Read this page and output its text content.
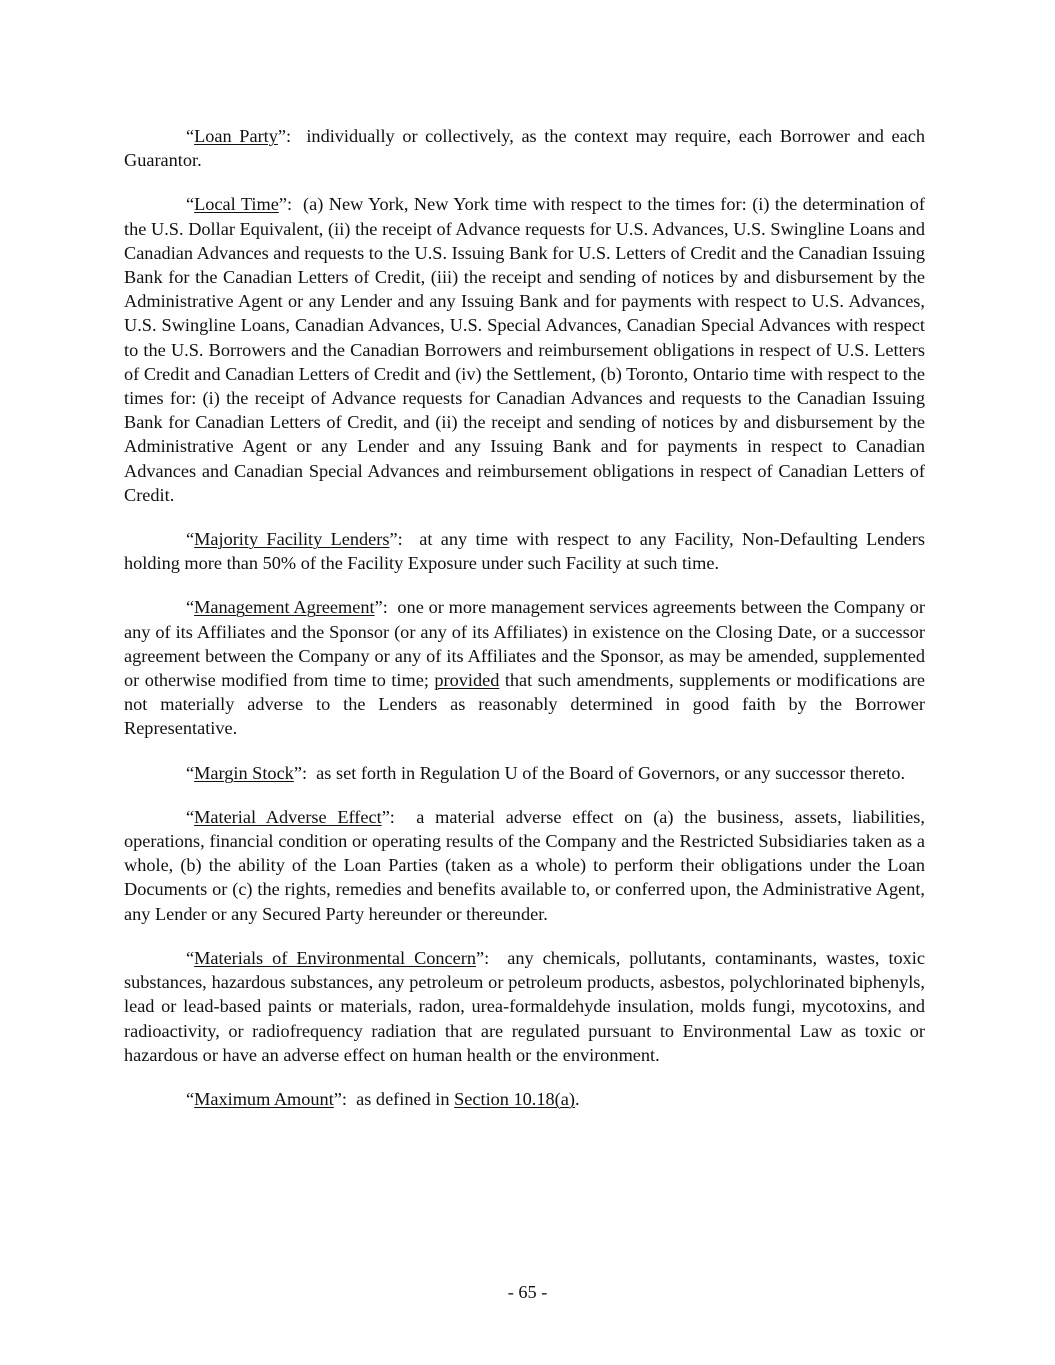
“Loan Party”:  individually or collectively, as the context may require, each Borrower and each Guarantor.

“Local Time”:  (a) New York, New York time with respect to the times for: (i) the determination of the U.S. Dollar Equivalent, (ii) the receipt of Advance requests for U.S. Advances, U.S. Swingline Loans and Canadian Advances and requests to the U.S. Issuing Bank for U.S. Letters of Credit and the Canadian Issuing Bank for the Canadian Letters of Credit, (iii) the receipt and sending of notices by and disbursement by the Administrative Agent or any Lender and any Issuing Bank and for payments with respect to U.S. Advances, U.S. Swingline Loans, Canadian Advances, U.S. Special Advances, Canadian Special Advances with respect to the U.S. Borrowers and the Canadian Borrowers and reimbursement obligations in respect of U.S. Letters of Credit and Canadian Letters of Credit and (iv) the Settlement, (b) Toronto, Ontario time with respect to the times for: (i) the receipt of Advance requests for Canadian Advances and requests to the Canadian Issuing Bank for Canadian Letters of Credit, and (ii) the receipt and sending of notices by and disbursement by the Administrative Agent or any Lender and any Issuing Bank and for payments in respect to Canadian Advances and Canadian Special Advances and reimbursement obligations in respect of Canadian Letters of Credit.

“Majority Facility Lenders”:  at any time with respect to any Facility, Non-Defaulting Lenders holding more than 50% of the Facility Exposure under such Facility at such time.

“Management Agreement”:  one or more management services agreements between the Company or any of its Affiliates and the Sponsor (or any of its Affiliates) in existence on the Closing Date, or a successor agreement between the Company or any of its Affiliates and the Sponsor, as may be amended, supplemented or otherwise modified from time to time; provided that such amendments, supplements or modifications are not materially adverse to the Lenders as reasonably determined in good faith by the Borrower Representative.

“Margin Stock”:  as set forth in Regulation U of the Board of Governors, or any successor thereto.

“Material Adverse Effect”:  a material adverse effect on (a) the business, assets, liabilities, operations, financial condition or operating results of the Company and the Restricted Subsidiaries taken as a whole, (b) the ability of the Loan Parties (taken as a whole) to perform their obligations under the Loan Documents or (c) the rights, remedies and benefits available to, or conferred upon, the Administrative Agent, any Lender or any Secured Party hereunder or thereunder.

“Materials of Environmental Concern”:  any chemicals, pollutants, contaminants, wastes, toxic substances, hazardous substances, any petroleum or petroleum products, asbestos, polychlorinated biphenyls, lead or lead-based paints or materials, radon, urea-formaldehyde insulation, molds fungi, mycotoxins, and radioactivity, or radiofrequency radiation that are regulated pursuant to Environmental Law as toxic or hazardous or have an adverse effect on human health or the environment.

“Maximum Amount”:  as defined in Section 10.18(a).

- 65 -
